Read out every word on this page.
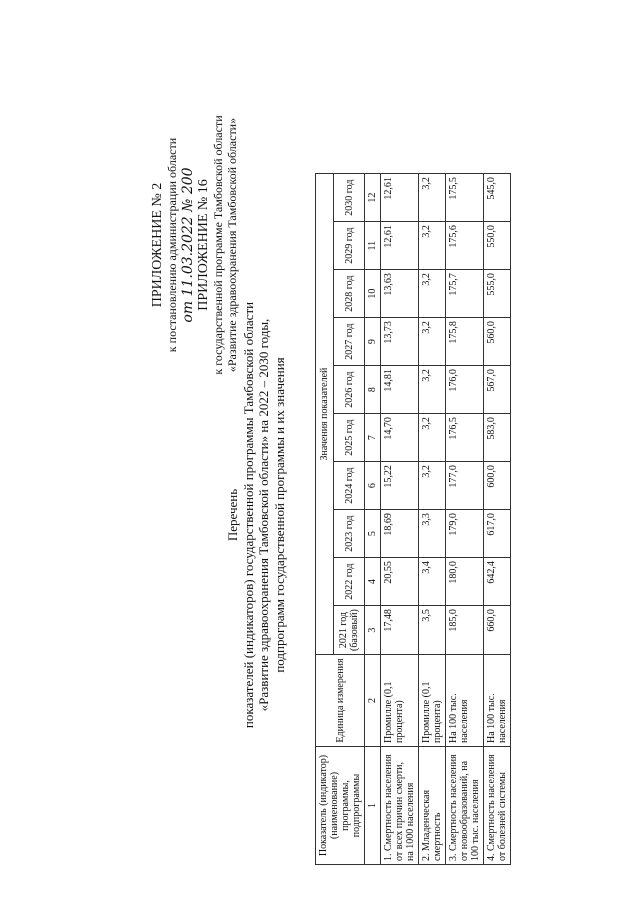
ПРИЛОЖЕНИЕ № 2 к постановлению администрации области от 11.03.2022 № 200 ПРИЛОЖЕНИЕ № 16 к государственной программе Тамбовской области «Развитие здравоохранения Тамбовской области»
Перечень показателей (индикаторов) государственной программы Тамбовской области «Развитие здравоохранения Тамбовской области» на 2022 – 2030 годы, подпрограмм государственной программы и их значения
Показатель (индикатор) (наименование) программы, подпрограммы	Единица измерения	Значения показателей									
		2021 год (базовый)	2022 год	2023 год	2024 год	2025 год	2026 год	2027 год	2028 год	2029 год	2030 год
1	2	3	4	5	6	7	8	9	10	11	12
1. Смертность населения от всех причин смерти, на 1000 населения	Промилле (0,1 процента)	17,48	20,55	18,69	15,22	14,70	14,81	13,73	13,63	12,61	12,61
2. Младенческая смертность	Промилле (0,1 процента)	3,5	3,4	3,3	3,2	3,2	3,2	3,2	3,2	3,2	3,2
3. Смертность населения от новообразований, на 100 тыс. населения	На 100 тыс. населения	185,0	180,0	179,0	177,0	176,5	176,0	175,8	175,7	175,6	175,5
4. Смертность населения от болезней системы	На 100 тыс. населения	660,0	642,4	617,0	600,0	583,0	567,0	560,0	555,0	550,0	545,0
